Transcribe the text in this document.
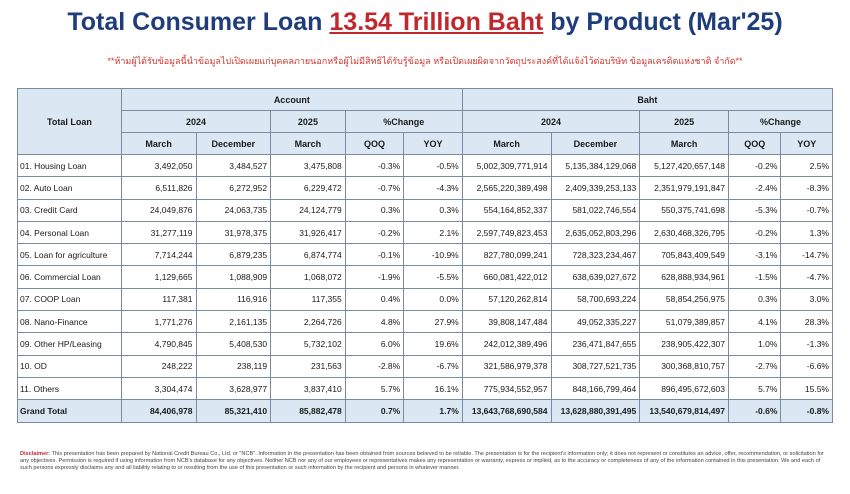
Total Consumer Loan 13.54 Trillion Baht by Product (Mar'25)
**ห้ามผู้ได้รับข้อมูลนี้นำข้อมูลไปเปิดเผยแก่บุคคลภายนอกหรือผู้ไม่มีสิทธิได้รับรู้ข้อมูล หรือเปิดเผยผิดจากวัตถุประสงค์ที่ได้แจ้งไว้ต่อบริษัท ข้อมูลเครดิตแห่งชาติ จำกัด**
Total Loan	Account					Baht				
	2024		2025	%Change		2024		2025	%Change	
	March	December	March	QOQ	YOY	March	December	March	QOQ	YOY
01. Housing Loan	3,492,050	3,484,527	3,475,808	-0.3%	-0.5%	5,002,309,771,914	5,135,384,129,068	5,127,420,657,148	-0.2%	2.5%
02. Auto Loan	6,511,826	6,272,952	6,229,472	-0.7%	-4.3%	2,565,220,389,498	2,409,339,253,133	2,351,979,191,847	-2.4%	-8.3%
03. Credit Card	24,049,876	24,063,735	24,124,779	0.3%	0.3%	554,164,852,337	581,022,746,554	550,375,741,698	-5.3%	-0.7%
04. Personal Loan	31,277,119	31,978,375	31,926,417	-0.2%	2.1%	2,597,749,823,453	2,635,052,803,296	2,630,468,326,795	-0.2%	1.3%
05. Loan for agriculture	7,714,244	6,879,235	6,874,774	-0.1%	-10.9%	827,780,099,241	728,323,234,467	705,843,409,549	-3.1%	-14.7%
06. Commercial Loan	1,129,665	1,088,909	1,068,072	-1.9%	-5.5%	660,081,422,012	638,639,027,672	628,888,934,961	-1.5%	-4.7%
07. COOP Loan	117,381	116,916	117,355	0.4%	0.0%	57,120,262,814	58,700,693,224	58,854,256,975	0.3%	3.0%
08. Nano-Finance	1,771,276	2,161,135	2,264,726	4.8%	27.9%	39,808,147,484	49,052,335,227	51,079,389,857	4.1%	28.3%
09. Other HP/Leasing	4,790,845	5,408,530	5,732,102	6.0%	19.6%	242,012,389,496	236,471,847,655	238,905,422,307	1.0%	-1.3%
10. OD	248,222	238,119	231,563	-2.8%	-6.7%	321,586,979,378	308,727,521,735	300,368,810,757	-2.7%	-6.6%
11. Others	3,304,474	3,628,977	3,837,410	5.7%	16.1%	775,934,552,957	848,166,799,464	896,495,672,603	5.7%	15.5%
Grand Total	84,406,978	85,321,410	85,882,478	0.7%	1.7%	13,643,768,690,584	13,628,880,391,495	13,540,679,814,497	-0.6%	-0.8%
Disclaimer: This presentation has been prepared by National Credit Bureau Co., Ltd. or "NCB". Information in the presentation has been obtained from sources believed to be reliable. The presentation is for the recipient's information only; it does not represent or constitutes an advice, offer, recommendation, or solicitation for any objectives. Permission is required if using information from NCB's database for any objectives. Neither NCB nor any of our employees or representatives makes any representation or warranty, express or implied, as to the accuracy or completeness of any of the information contained in this presentation. We and each of such persons expressly disclaims any and all liability relating to or resulting from the use of this presentation or such information by the recipient and persons in whatever manner.
